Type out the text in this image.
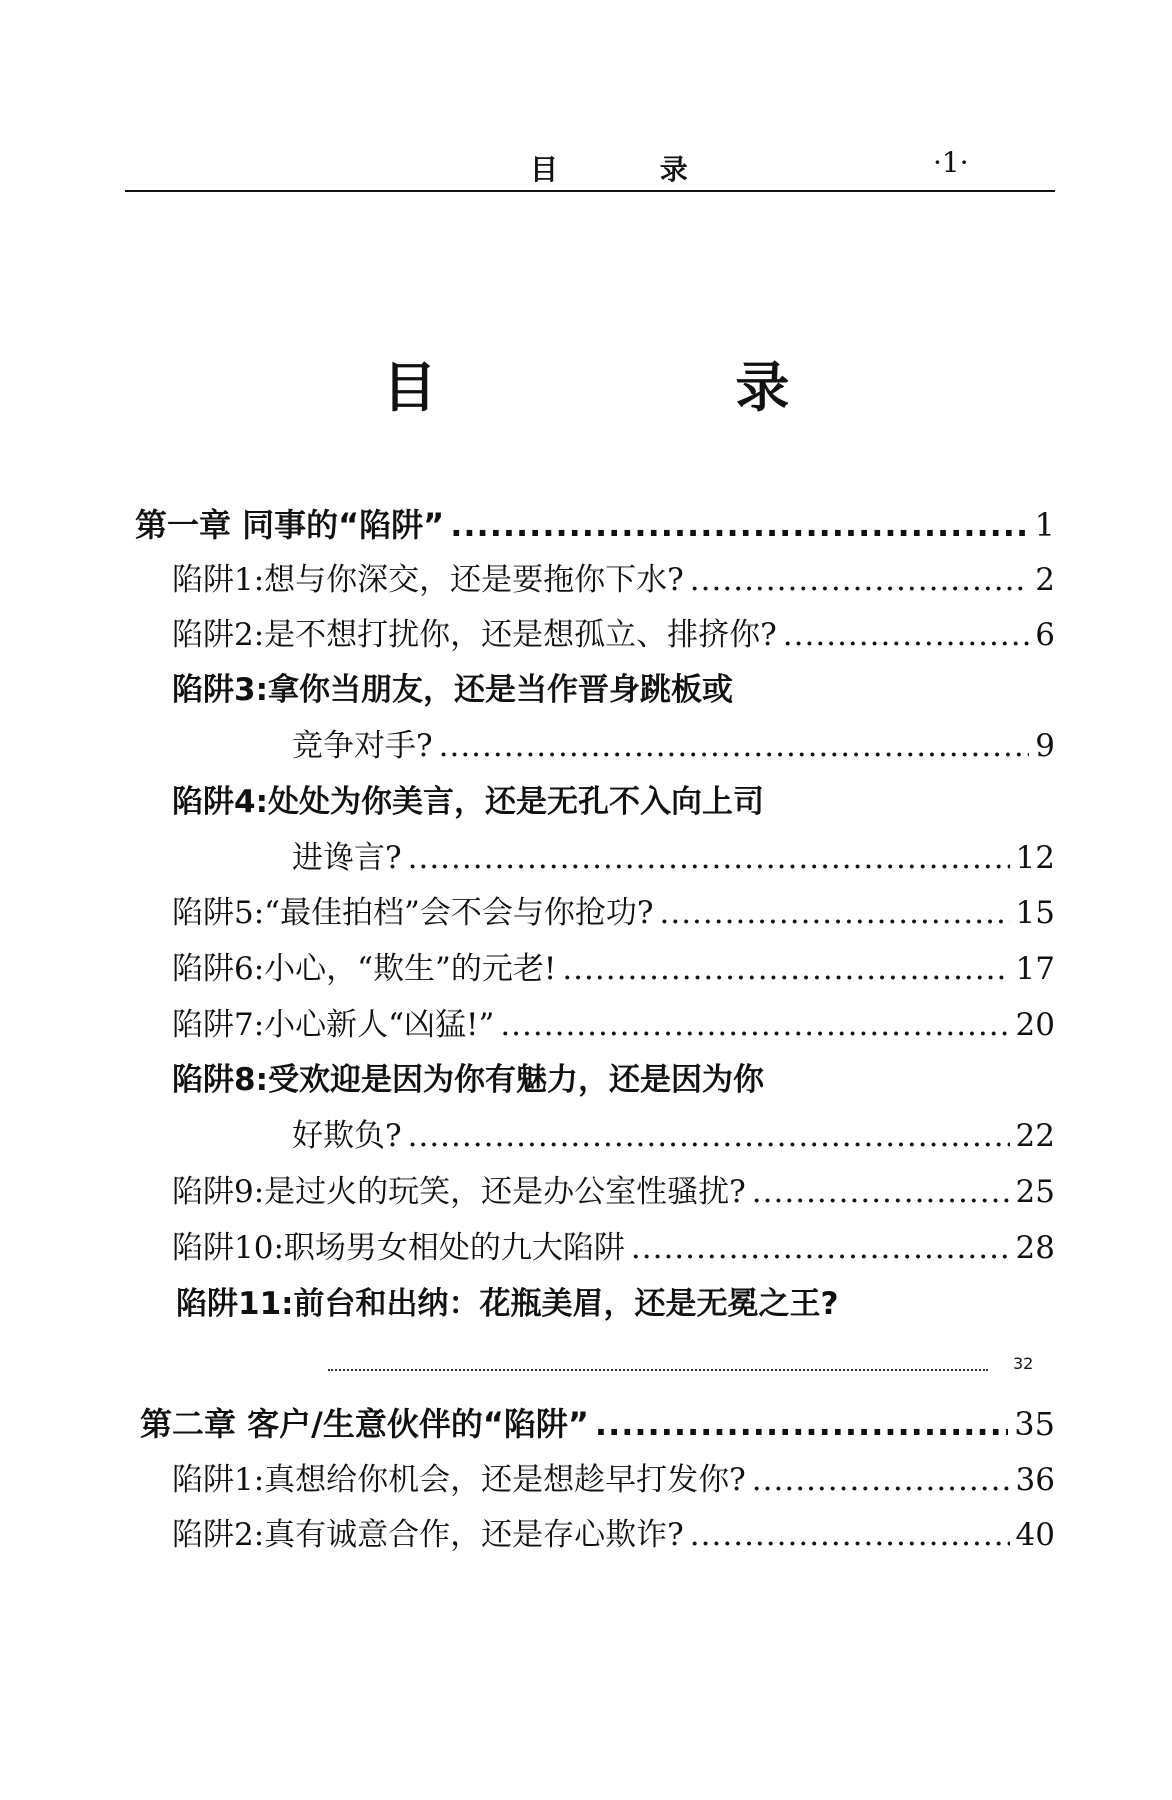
目 录	·1·
目 录
第一章 同事的“陷阱” .....	1
陷阱1:想与你深交，还是要拖你下水? .....	2
陷阱2:是不想打扰你，还是想孤立、排挤你? .....	6
陷阱3:拿你当朋友，还是当作晋身跳板或
竞争对手? .....	9
陷阱4:处处为你美言，还是无孔不入向上司
进谗言? .....	12
陷阱5:“最佳拍档”会不会与你抢功? .....	15
陷阱6:小心，“欺生”的元老! .....	17
陷阱7:小心新人“凶猛!” .....	20
陷阱8:受欢迎是因为你有魅力，还是因为你
好欺负? .....	22
陷阱9:是过火的玩笑，还是办公室性骚扰? .....	25
陷阱10:职场男女相处的九大陷阱 .....	28
陷阱11:前台和出纳：花瓶美眉，还是无冕之王?
32
第二章 客户/生意伙伴的“陷阱” .....	35
陷阱1:真想给你机会，还是想趁早打发你? .....	36
陷阱2:真有诚意合作，还是存心欺诈? .....	40
